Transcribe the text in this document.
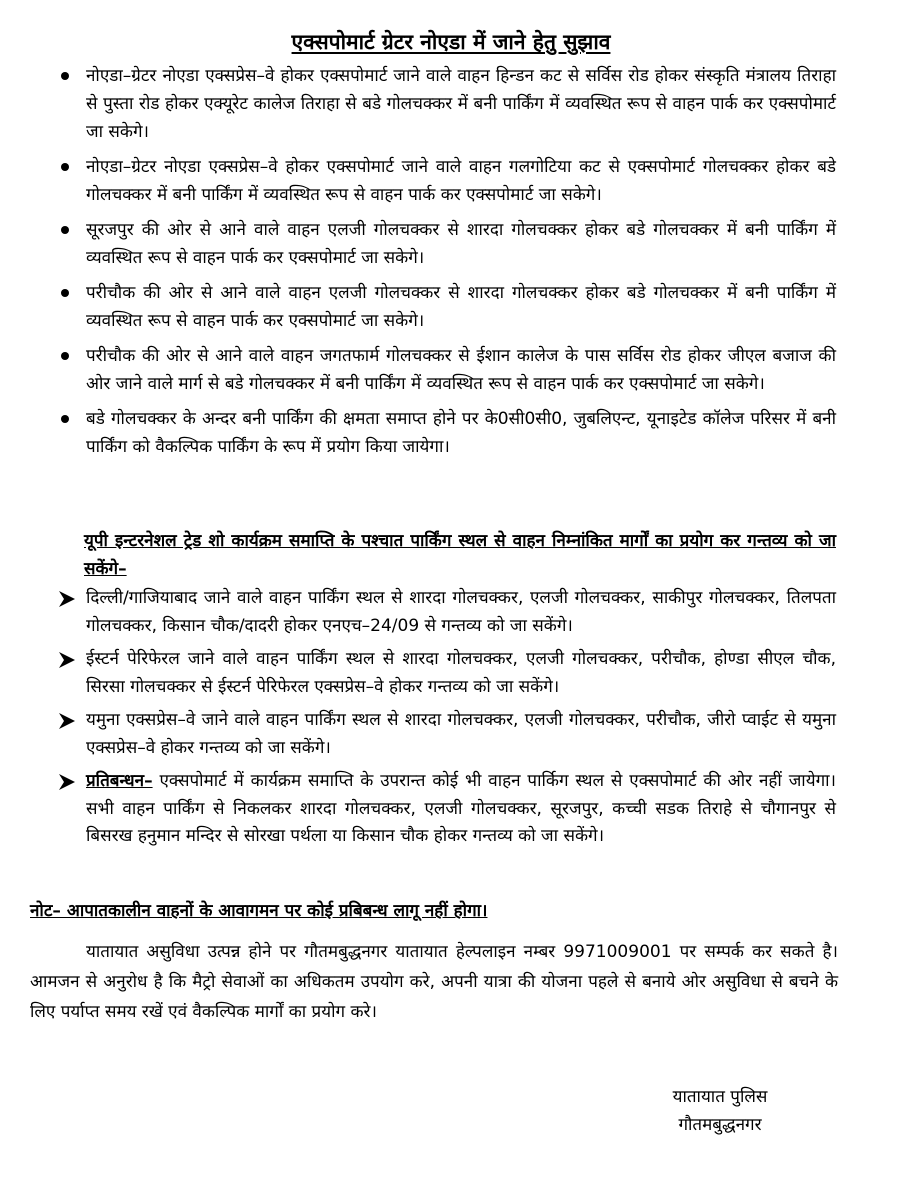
एक्सपोमार्ट ग्रेटर नोएडा में जाने हेतु सुझाव
नोएडा–ग्रेटर नोएडा एक्सप्रेस–वे होकर एक्सपोमार्ट जाने वाले वाहन हिन्डन कट से सर्विस रोड होकर संस्कृति मंत्रालय तिराहा से पुस्ता रोड होकर एक्यूरेट कालेज तिराहा से बडे गोलचक्कर में बनी पार्किंग में व्यवस्थित रूप से वाहन पार्क कर एक्सपोमार्ट जा सकेगे।
नोएडा–ग्रेटर नोएडा एक्सप्रेस–वे होकर एक्सपोमार्ट जाने वाले वाहन गलगोटिया कट से एक्सपोमार्ट गोलचक्कर होकर बडे गोलचक्कर में बनी पार्किंग में व्यवस्थित रूप से वाहन पार्क कर एक्सपोमार्ट जा सकेगे।
सूरजपुर की ओर से आने वाले वाहन एलजी गोलचक्कर से शारदा गोलचक्कर होकर बडे गोलचक्कर में बनी पार्किंग में व्यवस्थित रूप से वाहन पार्क कर एक्सपोमार्ट जा सकेगे।
परीचौक की ओर से आने वाले वाहन एलजी गोलचक्कर से शारदा गोलचक्कर होकर बडे गोलचक्कर में बनी पार्किंग में व्यवस्थित रूप से वाहन पार्क कर एक्सपोमार्ट जा सकेगे।
परीचौक की ओर से आने वाले वाहन जगतफार्म गोलचक्कर से ईशान कालेज के पास सर्विस रोड होकर जीएल बजाज की ओर जाने वाले मार्ग से बडे गोलचक्कर में बनी पार्किंग में व्यवस्थित रूप से वाहन पार्क कर एक्सपोमार्ट जा सकेगे।
बडे गोलचक्कर के अन्दर बनी पार्किंग की क्षमता समाप्त होने पर के0सी0सी0, जुबलिएन्ट, यूनाइटेड कॉलेज परिसर में बनी पार्किंग को वैकल्पिक पार्किंग के रूप में प्रयोग किया जायेगा।
यूपी इन्टरनेशल ट्रेड शो कार्यक्रम समाप्ति के पश्चात पार्किंग स्थल से वाहन निम्नांकित मार्गों का प्रयोग कर गन्तव्य को जा सकेंगे–
दिल्ली/गाजियाबाद जाने वाले वाहन पार्किंग स्थल से शारदा गोलचक्कर, एलजी गोलचक्कर, साकीपुर गोलचक्कर, तिलपता गोलचक्कर, किसान चौक/दादरी होकर एनएच–24/09 से गन्तव्य को जा सकेंगे।
ईस्टर्न पेरिफेरल जाने वाले वाहन पार्किंग स्थल से शारदा गोलचक्कर, एलजी गोलचक्कर, परीचौक, होण्डा सीएल चौक, सिरसा गोलचक्कर से ईस्टर्न पेरिफेरल एक्सप्रेस–वे होकर गन्तव्य को जा सकेंगे।
यमुना एक्सप्रेस–वे जाने वाले वाहन पार्किंग स्थल से शारदा गोलचक्कर, एलजी गोलचक्कर, परीचौक, जीरो प्वाईट से यमुना एक्सप्रेस–वे होकर गन्तव्य को जा सकेंगे।
प्रतिबन्धन– एक्सपोमार्ट में कार्यक्रम समाप्ति के उपरान्त कोई भी वाहन पार्किग स्थल से एक्सपोमार्ट की ओर नहीं जायेगा। सभी वाहन पार्किंग से निकलकर शारदा गोलचक्कर, एलजी गोलचक्कर, सूरजपुर, कच्ची सडक तिराहे से चौगानपुर से बिसरख हनुमान मन्दिर से सोरखा पर्थला या किसान चौक होकर गन्तव्य को जा सकेंगे।
नोट– आपातकालीन वाहनों के आवागमन पर कोई प्रबिबन्ध लागू नहीं होगा।

यातायात असुविधा उत्पन्न होने पर गौतमबुद्धनगर यातायात हेल्पलाइन नम्बर 9971009001 पर सम्पर्क कर सकते है। आमजन से अनुरोध है कि मैट्रो सेवाओं का अधिकतम उपयोग करे, अपनी यात्रा की योजना पहले से बनाये ओर असुविधा से बचने के लिए पर्याप्त समय रखें एवं वैकल्पिक मार्गों का प्रयोग करे।

यातायात पुलिस
गौतमबुद्धनगर
